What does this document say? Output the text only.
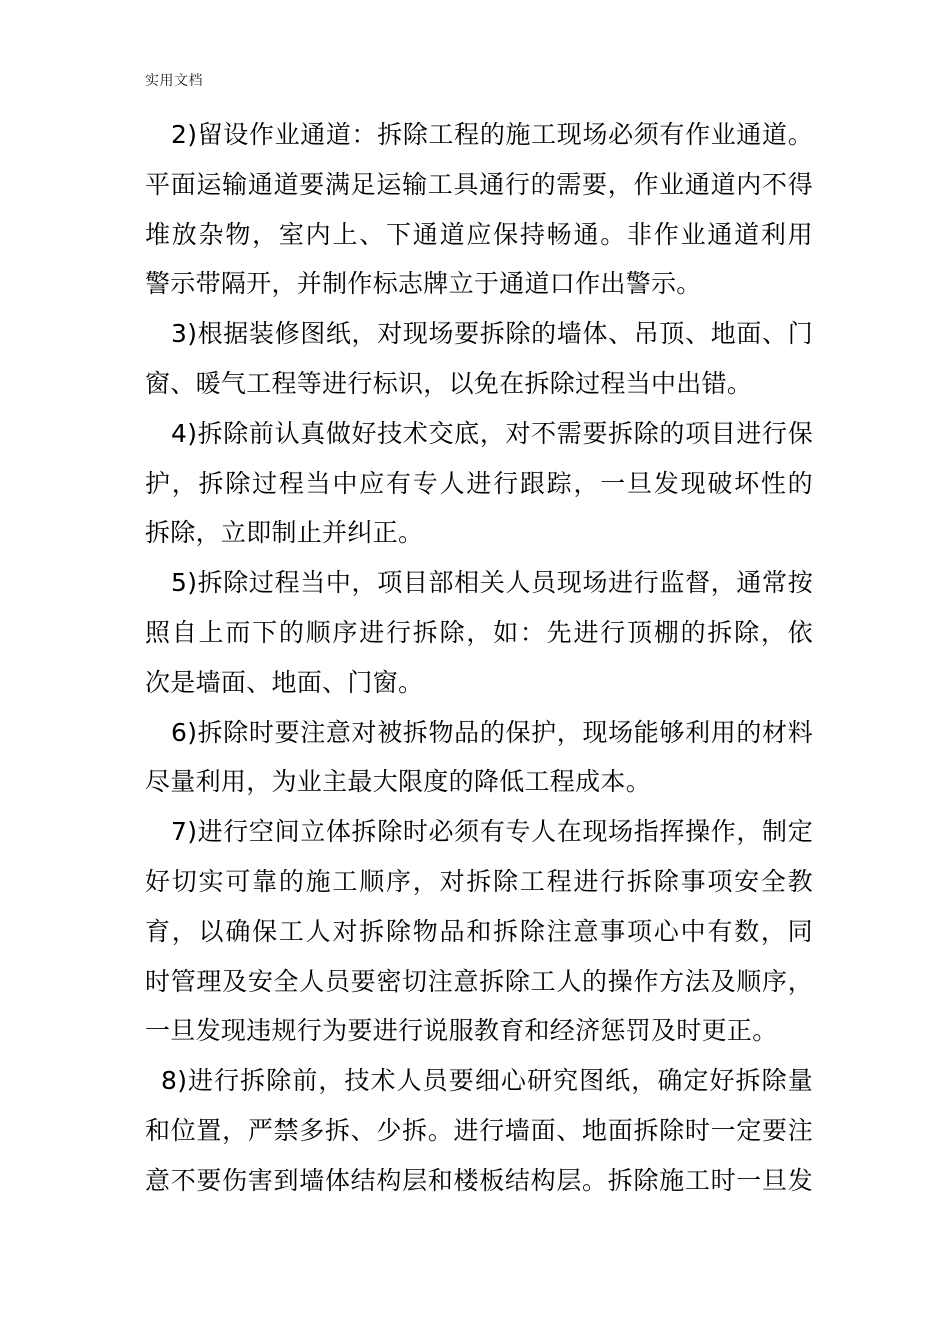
实用文档
2)留设作业通道：拆除工程的施工现场必须有作业通道。
平面运输通道要满足运输工具通行的需要，作业通道内不得
堆放杂物，室内上、下通道应保持畅通。非作业通道利用
警示带隔开，并制作标志牌立于通道口作出警示。
3)根据装修图纸，对现场要拆除的墙体、吊顶、地面、门
窗、暖气工程等进行标识，以免在拆除过程当中出错。
4)拆除前认真做好技术交底，对不需要拆除的项目进行保
护，拆除过程当中应有专人进行跟踪，一旦发现破坏性的
拆除，立即制止并纠正。
5)拆除过程当中，项目部相关人员现场进行监督，通常按
照自上而下的顺序进行拆除，如：先进行顶棚的拆除，依
次是墙面、地面、门窗。
6)拆除时要注意对被拆物品的保护，现场能够利用的材料
尽量利用，为业主最大限度的降低工程成本。
7)进行空间立体拆除时必须有专人在现场指挥操作，制定
好切实可靠的施工顺序，对拆除工程进行拆除事项安全教
育，以确保工人对拆除物品和拆除注意事项心中有数，同
时管理及安全人员要密切注意拆除工人的操作方法及顺序，
一旦发现违规行为要进行说服教育和经济惩罚及时更正。
8)进行拆除前，技术人员要细心研究图纸，确定好拆除量
和位置，严禁多拆、少拆。进行墙面、地面拆除时一定要注
意不要伤害到墙体结构层和楼板结构层。拆除施工时一旦发
